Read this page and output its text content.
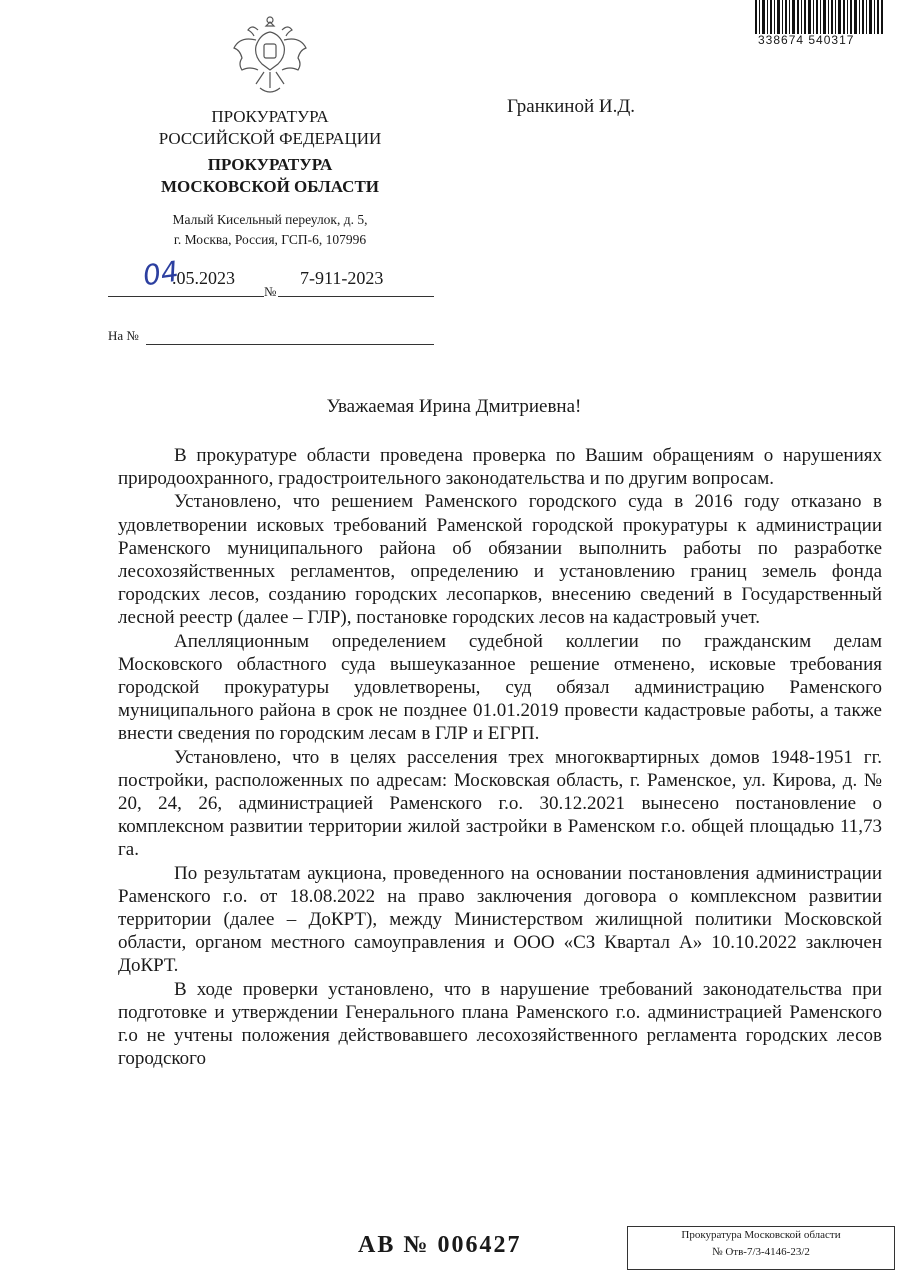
338674 540317
ПРОКУРАТУРА
РОССИЙСКОЙ ФЕДЕРАЦИИ
ПРОКУРАТУРА
МОСКОВСКОЙ ОБЛАСТИ
Малый Кисельный переулок, д. 5,
г. Москва, Россия, ГСП-6, 107996
04
.05.2023
№
7-911-2023
На №
Гранкиной И.Д.
Уважаемая Ирина Дмитриевна!

В прокуратуре области проведена проверка по Вашим обращениям о нарушениях природоохранного, градостроительного законодательства и по другим вопросам.

Установлено, что решением Раменского городского суда в 2016 году отказано в удовлетворении исковых требований Раменской городской прокуратуры к администрации Раменского муниципального района об обязании выполнить работы по разработке лесохозяйственных регламентов, определению и установлению границ земель фонда городских лесов, созданию городских лесопарков, внесению сведений в Государственный лесной реестр (далее – ГЛР), постановке городских лесов на кадастровый учет.

Апелляционным определением судебной коллегии по гражданским делам Московского областного суда вышеуказанное решение отменено, исковые требования городской прокуратуры удовлетворены, суд обязал администрацию Раменского муниципального района в срок не позднее 01.01.2019 провести кадастровые работы, а также внести сведения по городским лесам в ГЛР и ЕГРП.

Установлено, что в целях расселения трех многоквартирных домов 1948-1951 гг. постройки, расположенных по адресам: Московская область, г. Раменское, ул. Кирова, д. № 20, 24, 26, администрацией Раменского г.о. 30.12.2021 вынесено постановление о комплексном развитии территории жилой застройки в Раменском г.о. общей площадью 11,73 га.

По результатам аукциона, проведенного на основании постановления администрации Раменского г.о. от 18.08.2022 на право заключения договора о комплексном развитии территории (далее – ДоКРТ), между Министерством жилищной политики Московской области, органом местного самоуправления и ООО «СЗ Квартал А» 10.10.2022 заключен ДоКРТ.

В ходе проверки установлено, что в нарушение требований законодательства при подготовке и утверждении Генерального плана Раменского г.о. администрацией Раменского г.о не учтены положения действовавшего лесохозяйственного регламента городских лесов городского

АВ № 006427	Прокуратура Московской области
№ Отв-7/3-4146-23/2
